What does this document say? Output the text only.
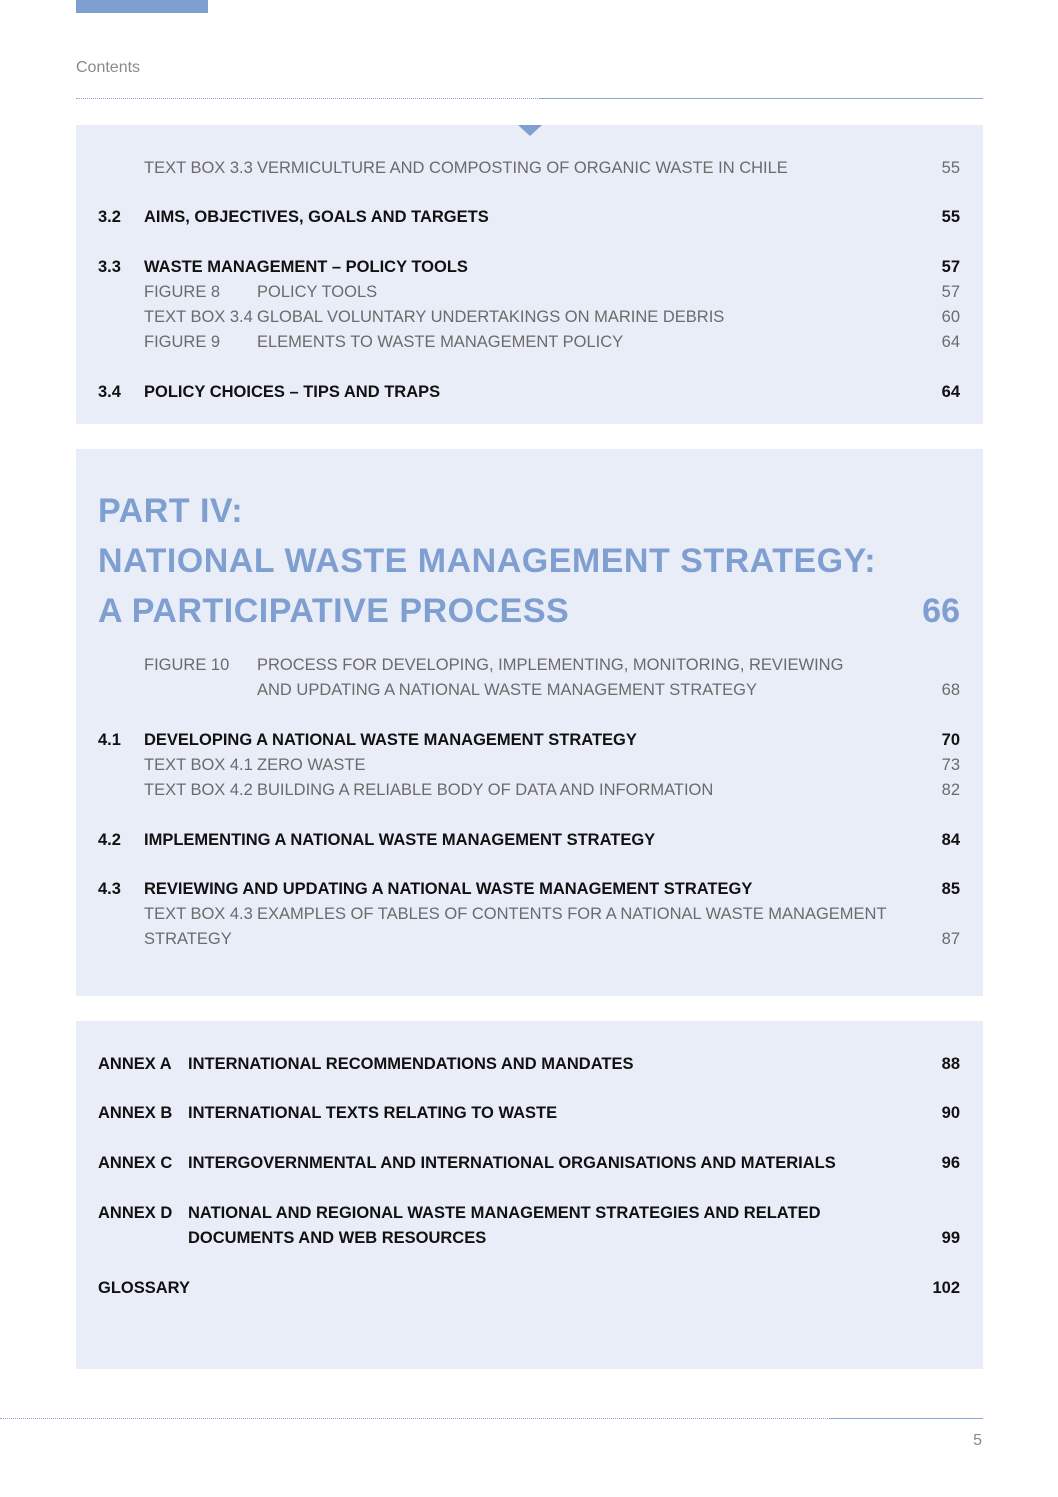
Contents
TEXT BOX 3.3 VERMICULTURE AND COMPOSTING OF ORGANIC WASTE IN CHILE	55
3.2 AIMS, OBJECTIVES, GOALS AND TARGETS	55
3.3 WASTE MANAGEMENT – POLICY TOOLS	57
FIGURE 8 POLICY TOOLS	57
TEXT BOX 3.4 GLOBAL VOLUNTARY UNDERTAKINGS ON MARINE DEBRIS	60
FIGURE 9 ELEMENTS TO WASTE MANAGEMENT POLICY	64
3.4 POLICY CHOICES – TIPS AND TRAPS	64
PART IV:
NATIONAL WASTE MANAGEMENT STRATEGY:
A PARTICIPATIVE PROCESS	66
FIGURE 10 PROCESS FOR DEVELOPING, IMPLEMENTING, MONITORING, REVIEWING
AND UPDATING A NATIONAL WASTE MANAGEMENT STRATEGY	68
4.1 DEVELOPING A NATIONAL WASTE MANAGEMENT STRATEGY	70
TEXT BOX 4.1 ZERO WASTE	73
TEXT BOX 4.2 BUILDING A RELIABLE BODY OF DATA AND INFORMATION	82
4.2 IMPLEMENTING A NATIONAL WASTE MANAGEMENT STRATEGY	84
4.3 REVIEWING AND UPDATING A NATIONAL WASTE MANAGEMENT STRATEGY	85
TEXT BOX 4.3 EXAMPLES OF TABLES OF CONTENTS FOR A NATIONAL WASTE MANAGEMENT
STRATEGY	87
ANNEX A INTERNATIONAL RECOMMENDATIONS AND MANDATES	88
ANNEX B INTERNATIONAL TEXTS RELATING TO WASTE	90
ANNEX C INTERGOVERNMENTAL AND INTERNATIONAL ORGANISATIONS AND MATERIALS	96
ANNEX D NATIONAL AND REGIONAL WASTE MANAGEMENT STRATEGIES AND RELATED
DOCUMENTS AND WEB RESOURCES	99
GLOSSARY	102
5
